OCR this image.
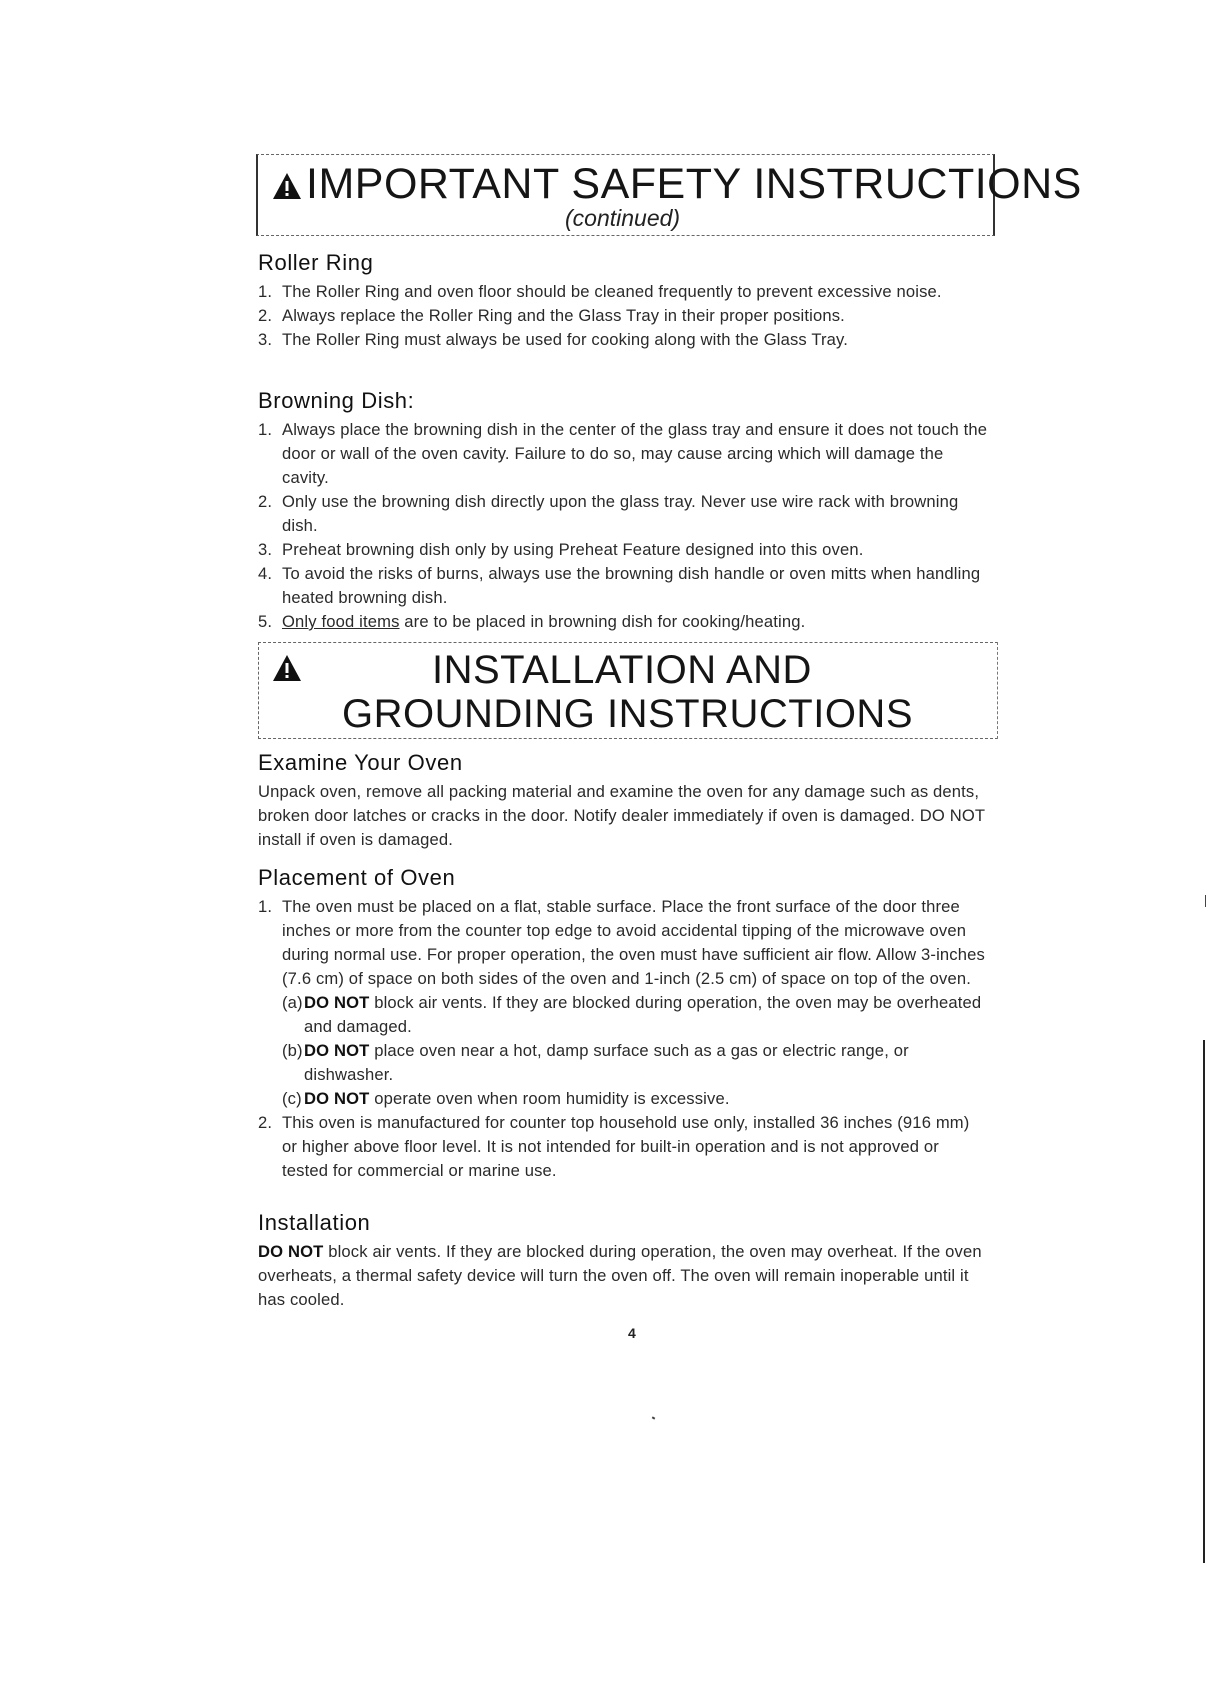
IMPORTANT SAFETY INSTRUCTIONS

(continued)

Roller Ring
1. The Roller Ring and oven floor should be cleaned frequently to prevent excessive noise.
2. Always replace the Roller Ring and the Glass Tray in their proper positions.
3. The Roller Ring must always be used for cooking along with the Glass Tray.
Browning Dish:
1. Always place the browning dish in the center of the glass tray and ensure it does not touch the door or wall of the oven cavity. Failure to do so, may cause arcing which will damage the cavity.
2. Only use the browning dish directly upon the glass tray. Never use wire rack with browning dish.
3. Preheat browning dish only by using Preheat Feature designed into this oven.
4. To avoid the risks of burns, always use the browning dish handle or oven mitts when handling heated browning dish.
5. Only food items are to be placed in browning dish for cooking/heating.
INSTALLATION AND
GROUNDING INSTRUCTIONS
Examine Your Oven

Unpack oven, remove all packing material and examine the oven for any damage such as dents, broken door latches or cracks in the door. Notify dealer immediately if oven is damaged. DO NOT install if oven is damaged.

Placement of Oven
1. The oven must be placed on a flat, stable surface. Place the front surface of the door three inches or more from the counter top edge to avoid accidental tipping of the microwave oven during normal use. For proper operation, the oven must have sufficient air flow. Allow 3-inches (7.6 cm) of space on both sides of the oven and 1-inch (2.5 cm) of space on top of the oven.
(a) DO NOT block air vents. If they are blocked during operation, the oven may be overheated and damaged.
(b) DO NOT place oven near a hot, damp surface such as a gas or electric range, or dishwasher.
(c) DO NOT operate oven when room humidity is excessive.
2. This oven is manufactured for counter top household use only, installed 36 inches (916 mm) or higher above floor level. It is not intended for built-in operation and is not approved or tested for commercial or marine use.
Installation

DO NOT block air vents. If they are blocked during operation, the oven may overheat. If the oven overheats, a thermal safety device will turn the oven off. The oven will remain inoperable until it has cooled.

4
